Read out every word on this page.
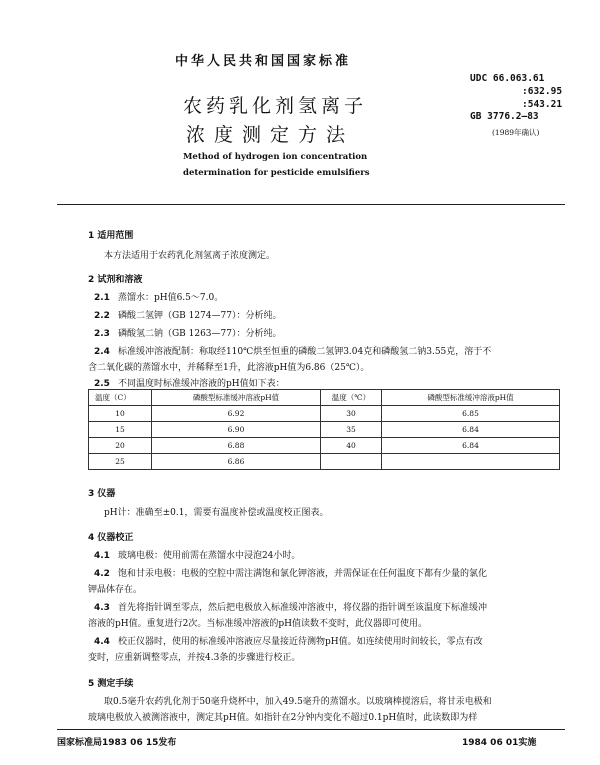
中华人民共和国国家标准
农药乳化剂氢离子
浓度测定方法
Method of hydrogen ion concentration
determination for pesticide emulsifiers
UDC 66.063.61
:632.95
:543.21
GB 3776.2—83
(1989年确认)
1 适用范围
本方法适用于农药乳化剂氢离子浓度测定。
2 试剂和溶液
2.1 蒸馏水：pH值6.5～7.0。
2.2 磷酸二氢钾（GB 1274—77）：分析纯。
2.3 磷酸氢二钠（GB 1263—77）：分析纯。
2.4 标准缓冲溶液配制：称取经110℃烘至恒重的磷酸二氢钾3.04克和磷酸氢二钠3.55克，溶于不
含二氧化碳的蒸馏水中，并稀释至1升，此溶液pH值为6.86（25℃）。
2.5 不同温度时标准缓冲溶液的pH值如下表：
温度（C）	磷酸型标准缓冲溶液pH值	温度（℃）	磷酸型标准缓冲溶液pH值
10	6.92	30	6.85
15	6.90	35	6.84
20	6.88	40	6.84
25	6.86		
3 仪器
pH计：准确至±0.1，需要有温度补偿或温度校正图表。
4 仪器校正
4.1 玻璃电极：使用前需在蒸馏水中浸泡24小时。
4.2 饱和甘汞电极：电极的空腔中需注满饱和氯化钾溶液，并需保证在任何温度下都有少量的氯化
钾晶体存在。
4.3 首先将指针调至零点，然后把电极放入标准缓冲溶液中，将仪器的指针调至该温度下标准缓冲
溶液的pH值。重复进行2次。当标准缓冲溶液的pH值读数不变时，此仪器即可使用。
4.4 校正仪器时，使用的标准缓冲溶液应尽量接近待测物pH值。如连续使用时间较长，零点有改
变时，应重新调整零点，并按4.3条的步骤进行校正。
5 测定手续
取0.5毫升农药乳化剂于50毫升烧杯中，加入49.5毫升的蒸馏水。以玻璃棒搅溶后，将甘汞电极和
玻璃电极放入被测溶液中，测定其pH值。如指针在2分钟内变化不超过0.1pH值时，此读数即为样
国家标准局1983 06 15发布	1984 06 01实施
